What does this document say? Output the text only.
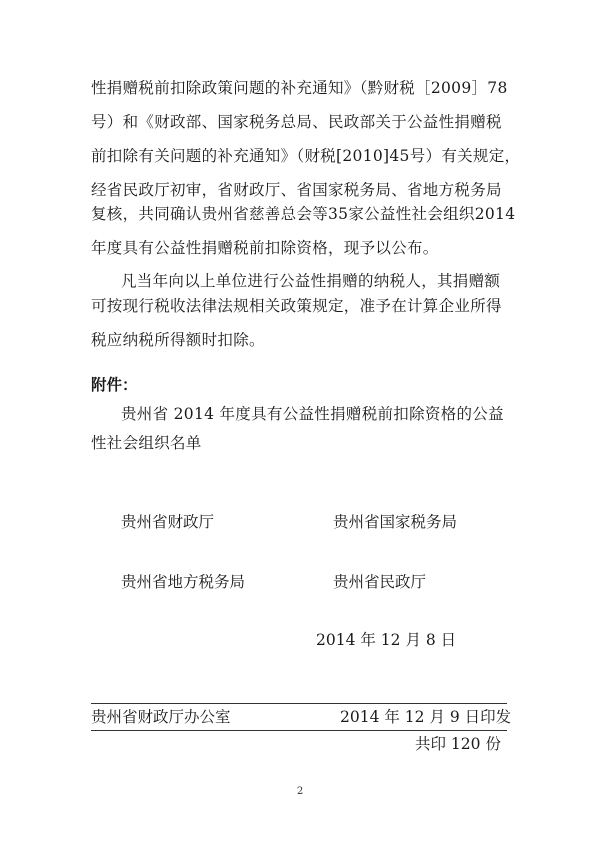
性捐赠税前扣除政策问题的补充通知》（黔财税［2009］78
号）和《财政部、国家税务总局、民政部关于公益性捐赠税
前扣除有关问题的补充通知》（财税[2010]45号）有关规定，
经省民政厅初审，省财政厅、省国家税务局、省地方税务局
复核，共同确认贵州省慈善总会等35家公益性社会组织2014
年度具有公益性捐赠税前扣除资格，现予以公布。
凡当年向以上单位进行公益性捐赠的纳税人，其捐赠额
可按现行税收法律法规相关政策规定，准予在计算企业所得
税应纳税所得额时扣除。
附件：
贵州省 2014 年度具有公益性捐赠税前扣除资格的公益
性社会组织名单
贵州省财政厅	贵州省国家税务局
贵州省地方税务局	贵州省民政厅
2014 年 12 月 8 日
贵州省财政厅办公室	2014 年 12 月 9 日印发
共印 120 份
2
